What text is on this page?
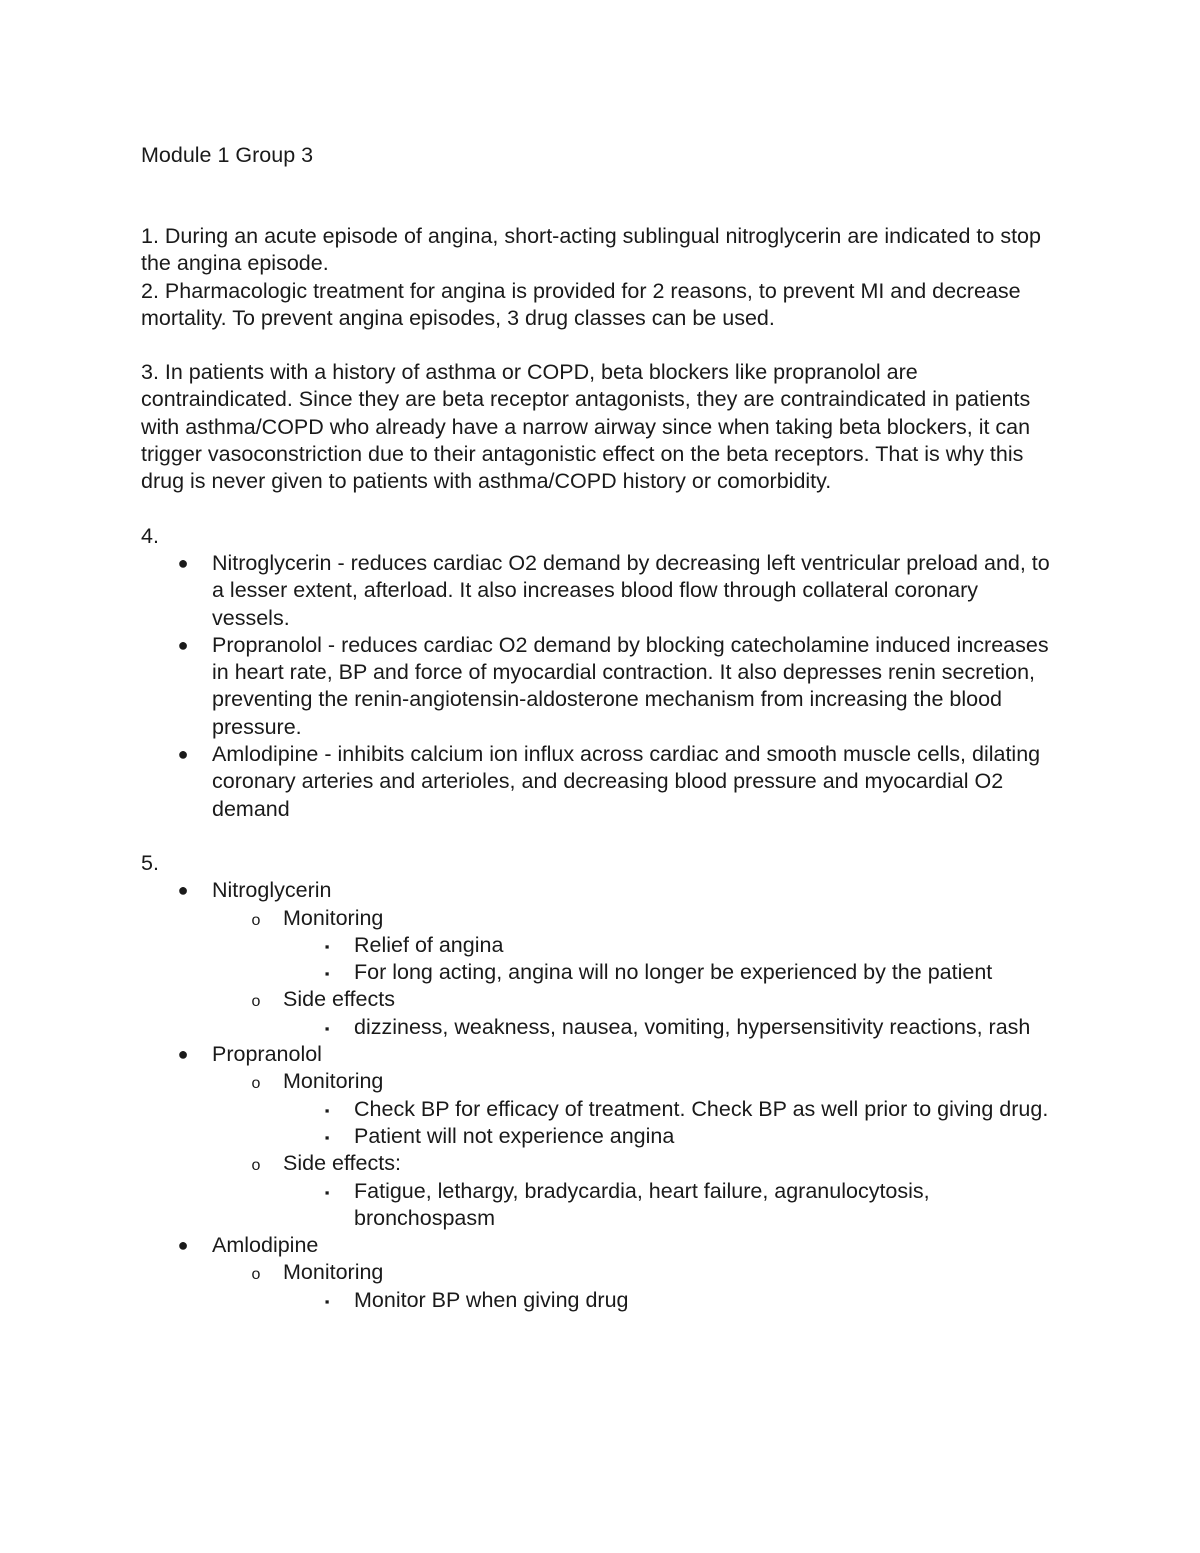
Module 1 Group 3

1. During an acute episode of angina, short-acting sublingual nitroglycerin are indicated to stop the angina episode.

2. Pharmacologic treatment for angina is provided for 2 reasons, to prevent MI and decrease mortality. To prevent angina episodes, 3 drug classes can be used.

3. In patients with a history of asthma or COPD, beta blockers like propranolol are contraindicated. Since they are beta receptor antagonists, they are contraindicated in patients with asthma/COPD who already have a narrow airway since when taking beta blockers, it can trigger vasoconstriction due to their antagonistic effect on the beta receptors. That is why this drug is never given to patients with asthma/COPD history or comorbidity.

4.

● Nitroglycerin - reduces cardiac O2 demand by decreasing left ventricular preload and, to a lesser extent, afterload. It also increases blood flow through collateral coronary vessels.
● Propranolol - reduces cardiac O2 demand by blocking catecholamine induced increases in heart rate, BP and force of myocardial contraction. It also depresses renin secretion, preventing the renin-angiotensin-aldosterone mechanism from increasing the blood pressure.
● Amlodipine - inhibits calcium ion influx across cardiac and smooth muscle cells, dilating coronary arteries and arterioles, and decreasing blood pressure and myocardial O2 demand

5.

● Nitroglycerin
o Monitoring
▪	Relief of angina
▪	For long acting, angina will no longer be experienced by the patient
o Side effects
▪	dizziness, weakness, nausea, vomiting, hypersensitivity reactions, rash
● Propranolol
o Monitoring
▪	Check BP for efficacy of treatment. Check BP as well prior to giving drug.
▪	Patient will not experience angina
o Side effects:
▪	Fatigue, lethargy, bradycardia, heart failure, agranulocytosis, bronchospasm
● Amlodipine
o Monitoring
▪	Monitor BP when giving drug
